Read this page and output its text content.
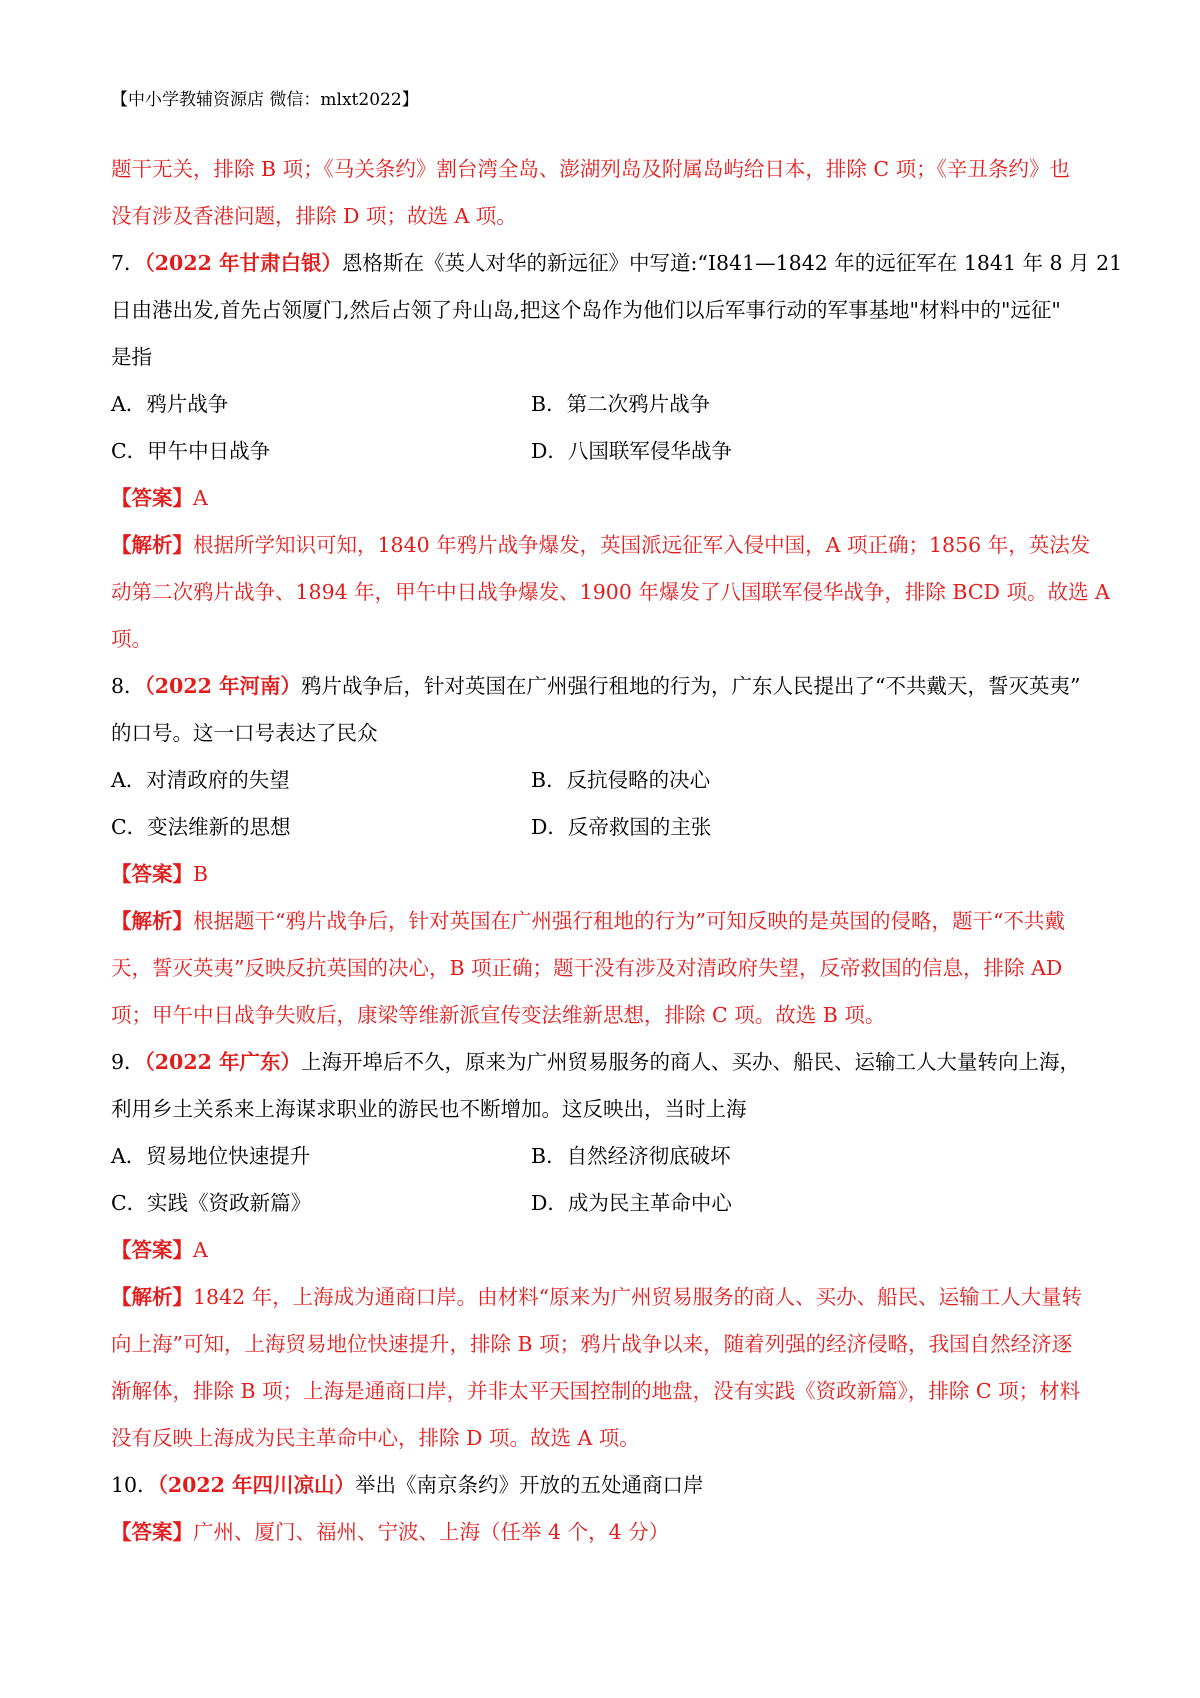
【中小学教辅资源店 微信：mlxt2022】
题干无关，排除 B 项；《马关条约》割台湾全岛、澎湖列岛及附属岛屿给日本，排除 C 项；《辛丑条约》也
没有涉及香港问题，排除 D 项；故选 A 项。
7．（2022 年甘肃白银）恩格斯在《英人对华的新远征》中写道:“I841—1842 年的远征军在 1841 年 8 月 21
日由港出发,首先占领厦门,然后占领了舟山岛,把这个岛作为他们以后军事行动的军事基地"材料中的"远征"
是指
A．鸦片战争	B．第二次鸦片战争
C．甲午中日战争	D．八国联军侵华战争
【答案】A
【解析】根据所学知识可知，1840 年鸦片战争爆发，英国派远征军入侵中国，A 项正确；1856 年，英法发
动第二次鸦片战争、1894 年，甲午中日战争爆发、1900 年爆发了八国联军侵华战争，排除 BCD 项。故选 A
项。
8．（2022 年河南）鸦片战争后，针对英国在广州强行租地的行为，广东人民提出了“不共戴天，誓灭英夷”
的口号。这一口号表达了民众
A．对清政府的失望	B．反抗侵略的决心
C．变法维新的思想	D．反帝救国的主张
【答案】B
【解析】根据题干“鸦片战争后，针对英国在广州强行租地的行为”可知反映的是英国的侵略，题干“不共戴
天，誓灭英夷”反映反抗英国的决心，B 项正确；题干没有涉及对清政府失望，反帝救国的信息，排除 AD
项；甲午中日战争失败后，康梁等维新派宣传变法维新思想，排除 C 项。故选 B 项。
9．（2022 年广东）上海开埠后不久，原来为广州贸易服务的商人、买办、船民、运输工人大量转向上海，
利用乡土关系来上海谋求职业的游民也不断增加。这反映出，当时上海
A．贸易地位快速提升	B．自然经济彻底破坏
C．实践《资政新篇》	D．成为民主革命中心
【答案】A
【解析】1842 年，上海成为通商口岸。由材料“原来为广州贸易服务的商人、买办、船民、运输工人大量转
向上海”可知，上海贸易地位快速提升，排除 B 项；鸦片战争以来，随着列强的经济侵略，我国自然经济逐
渐解体，排除 B 项；上海是通商口岸，并非太平天国控制的地盘，没有实践《资政新篇》，排除 C 项；材料
没有反映上海成为民主革命中心，排除 D 项。故选 A 项。
10．（2022 年四川凉山）举出《南京条约》开放的五处通商口岸
【答案】广州、厦门、福州、宁波、上海（任举 4 个，4 分）
